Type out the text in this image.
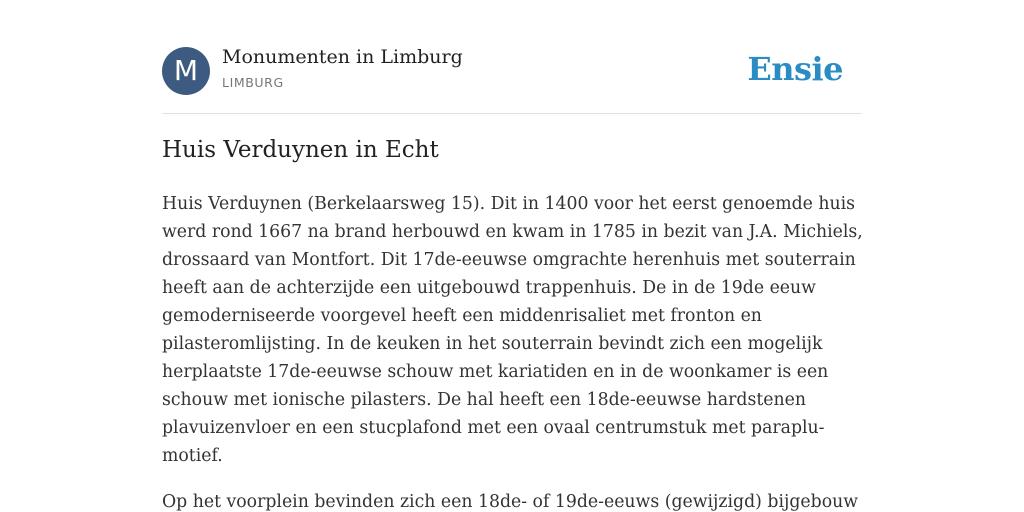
M	Monumenten in Limburg
LIMBURG	Ensie
Huis Verduynen in Echt

Huis Verduynen (Berkelaarsweg 15). Dit in 1400 voor het eerst genoemde huis
werd rond 1667 na brand herbouwd en kwam in 1785 in bezit van J.A. Michiels,
drossaard van Montfort. Dit 17de-eeuwse omgrachte herenhuis met souterrain
heeft aan de achterzijde een uitgebouwd trappenhuis. De in de 19de eeuw
gemoderniseerde voorgevel heeft een middenrisaliet met fronton en
pilasteromlijsting. In de keuken in het souterrain bevindt zich een mogelijk
herplaatste 17de-eeuwse schouw met kariatiden en in de woonkamer is een
schouw met ionische pilasters. De hal heeft een 18de-eeuwse hardstenen
plavuizenvloer en een stucplafond met een ovaal centrumstuk met paraplu-
motief.

Op het voorplein bevinden zich een 18de- of 19de-eeuws (gewijzigd) bijgebouw
